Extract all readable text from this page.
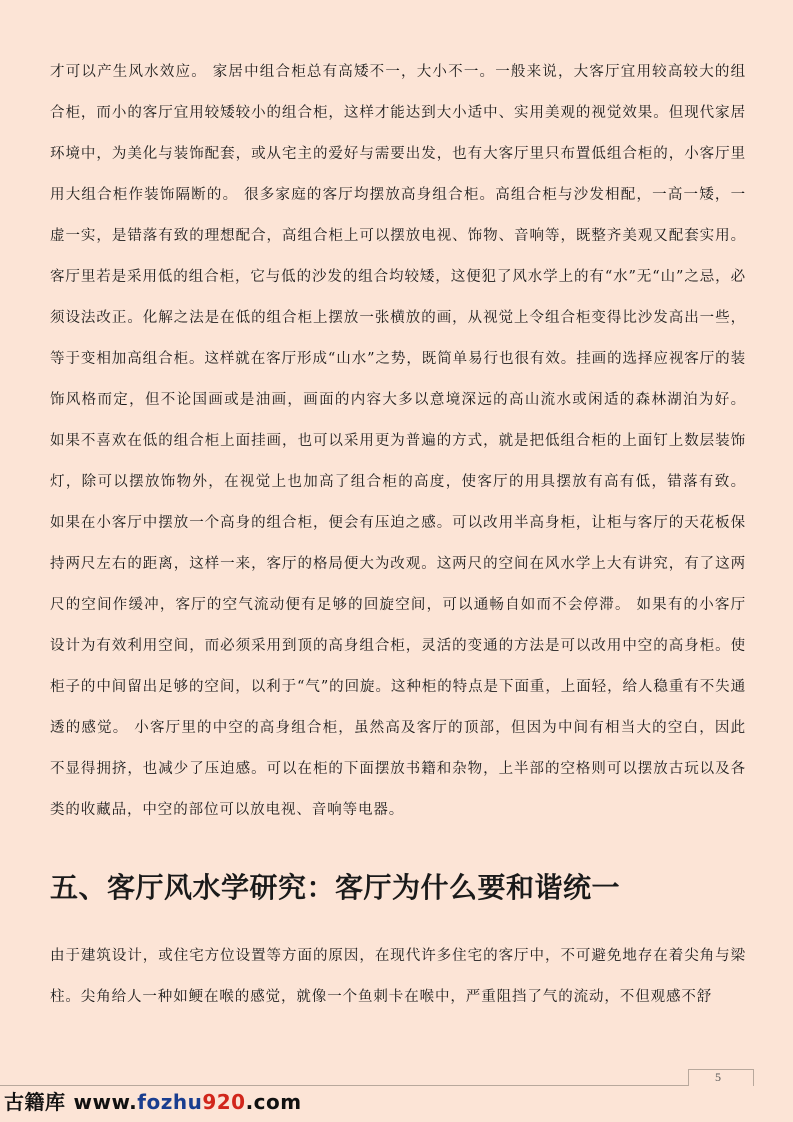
才可以产生风水效应。 家居中组合柜总有高矮不一，大小不一。一般来说，大客厅宜用较高较大的组合柜，而小的客厅宜用较矮较小的组合柜，这样才能达到大小适中、实用美观的视觉效果。但现代家居环境中，为美化与装饰配套，或从宅主的爱好与需要出发，也有大客厅里只布置低组合柜的，小客厅里用大组合柜作装饰隔断的。 很多家庭的客厅均摆放高身组合柜。高组合柜与沙发相配，一高一矮，一虚一实，是错落有致的理想配合，高组合柜上可以摆放电视、饰物、音响等，既整齐美观又配套实用。 客厅里若是采用低的组合柜，它与低的沙发的组合均较矮，这便犯了风水学上的有“水”无“山”之忌，必须设法改正。化解之法是在低的组合柜上摆放一张横放的画，从视觉上令组合柜变得比沙发高出一些，等于变相加高组合柜。这样就在客厅形成“山水”之势，既简单易行也很有效。挂画的选择应视客厅的装饰风格而定，但不论国画或是油画，画面的内容大多以意境深远的高山流水或闲适的森林湖泊为好。 如果不喜欢在低的组合柜上面挂画，也可以采用更为普遍的方式，就是把低组合柜的上面钉上数层装饰灯，除可以摆放饰物外，在视觉上也加高了组合柜的高度，使客厅的用具摆放有高有低，错落有致。 如果在小客厅中摆放一个高身的组合柜，便会有压迫之感。可以改用半高身柜，让柜与客厅的天花板保持两尺左右的距离，这样一来，客厅的格局便大为改观。这两尺的空间在风水学上大有讲究，有了这两尺的空间作缓冲，客厅的空气流动便有足够的回旋空间，可以通畅自如而不会停滞。 如果有的小客厅设计为有效利用空间，而必须采用到顶的高身组合柜，灵活的变通的方法是可以改用中空的高身柜。使柜子的中间留出足够的空间，以利于“气”的回旋。这种柜的特点是下面重，上面轻，给人稳重有不失通透的感觉。 小客厅里的中空的高身组合柜，虽然高及客厅的顶部，但因为中间有相当大的空白，因此不显得拥挤，也减少了压迫感。可以在柜的下面摆放书籍和杂物，上半部的空格则可以摆放古玩以及各类的收藏品，中空的部位可以放电视、音响等电器。

五、客厅风水学研究：客厅为什么要和谐统一

由于建筑设计，或住宅方位设置等方面的原因，在现代许多住宅的客厅中，不可避免地存在着尖角与梁柱。尖角给人一种如鲠在喉的感觉，就像一个鱼刺卡在喉中，严重阻挡了气的流动，不但观感不舒

5
古籍库 www.fozhu920.com
